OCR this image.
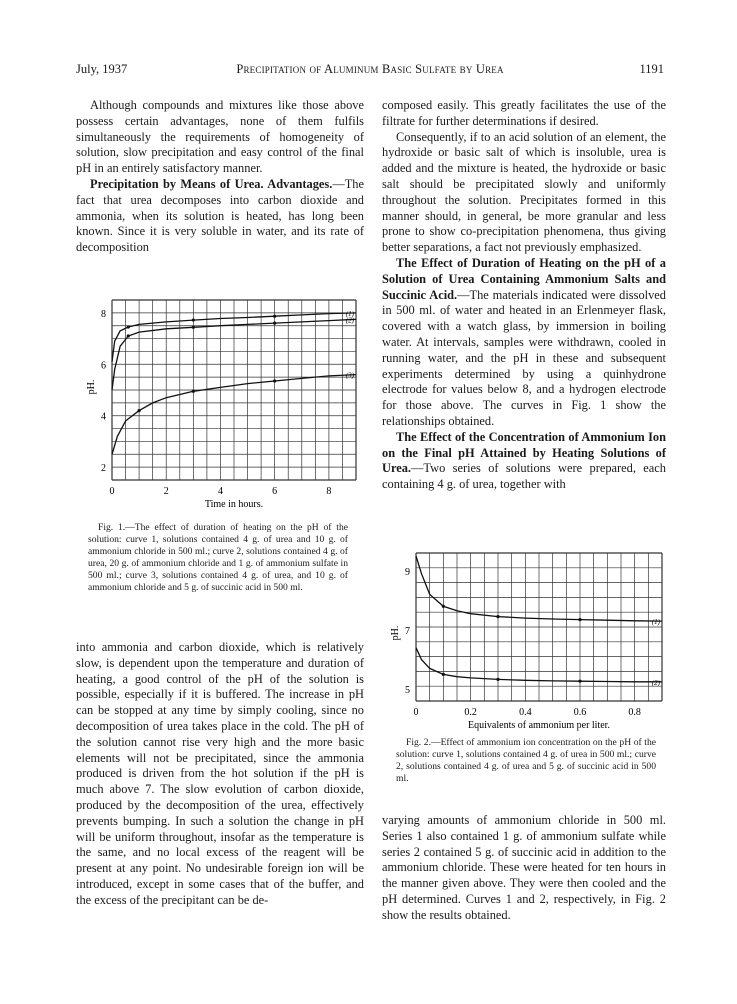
July, 1937	Precipitation of Aluminum Basic Sulfate by Urea	1191

Although compounds and mixtures like those above possess certain advantages, none of them fulfils simultaneously the requirements of homogeneity of solution, slow precipitation and easy control of the final pH in an entirely satisfactory manner.

Precipitation by Means of Urea. Advantages.—The fact that urea decomposes into carbon dioxide and ammonia, when its solution is heated, has long been known. Since it is very soluble in water, and its rate of decomposition

0	2	4	6	8
2
4
6
8
pH.
Time in hours.
(1)
(2)
(3)

Fig. 1.—The effect of duration of heating on the pH of the solution: curve 1, solutions contained 4 g. of urea and 10 g. of ammonium chloride in 500 ml.; curve 2, solutions contained 4 g. of urea, 20 g. of ammonium chloride and 1 g. of ammonium sulfate in 500 ml.; curve 3, solutions contained 4 g. of urea, and 10 g. of ammonium chloride and 5 g. of succinic acid in 500 ml.

into ammonia and carbon dioxide, which is relatively slow, is dependent upon the temperature and duration of heating, a good control of the pH of the solution is possible, especially if it is buffered. The increase in pH can be stopped at any time by simply cooling, since no decomposition of urea takes place in the cold. The pH of the solution cannot rise very high and the more basic elements will not be precipitated, since the ammonia produced is driven from the hot solution if the pH is much above 7. The slow evolution of carbon dioxide, produced by the decomposition of the urea, effectively prevents bumping. In such a solution the change in pH will be uniform throughout, insofar as the temperature is the same, and no local excess of the reagent will be present at any point. No undesirable foreign ion will be introduced, except in some cases that of the buffer, and the excess of the precipitant can be de-

composed easily. This greatly facilitates the use of the filtrate for further determinations if desired.

Consequently, if to an acid solution of an element, the hydroxide or basic salt of which is insoluble, urea is added and the mixture is heated, the hydroxide or basic salt should be precipitated slowly and uniformly throughout the solution. Precipitates formed in this manner should, in general, be more granular and less prone to show co-precipitation phenomena, thus giving better separations, a fact not previously emphasized.

The Effect of Duration of Heating on the pH of a Solution of Urea Containing Ammonium Salts and Succinic Acid.—The materials indicated were dissolved in 500 ml. of water and heated in an Erlenmeyer flask, covered with a watch glass, by immersion in boiling water. At intervals, samples were withdrawn, cooled in running water, and the pH in these and subsequent experiments determined by using a quinhydrone electrode for values below 8, and a hydrogen electrode for those above. The curves in Fig. 1 show the relationships obtained.

The Effect of the Concentration of Ammonium Ion on the Final pH Attained by Heating Solutions of Urea.—Two series of solutions were prepared, each containing 4 g. of urea, together with

0	0.2	0.4	0.6	0.8
5
7
9
pH.
Equivalents of ammonium per liter.
(1)
(2)

Fig. 2.—Effect of ammonium ion concentration on the pH of the solution: curve 1, solutions contained 4 g. of urea in 500 ml.; curve 2, solutions contained 4 g. of urea and 5 g. of succinic acid in 500 ml.

varying amounts of ammonium chloride in 500 ml. Series 1 also contained 1 g. of ammonium sulfate while series 2 contained 5 g. of succinic acid in addition to the ammonium chloride. These were heated for ten hours in the manner given above. They were then cooled and the pH determined. Curves 1 and 2, respectively, in Fig. 2 show the results obtained.
